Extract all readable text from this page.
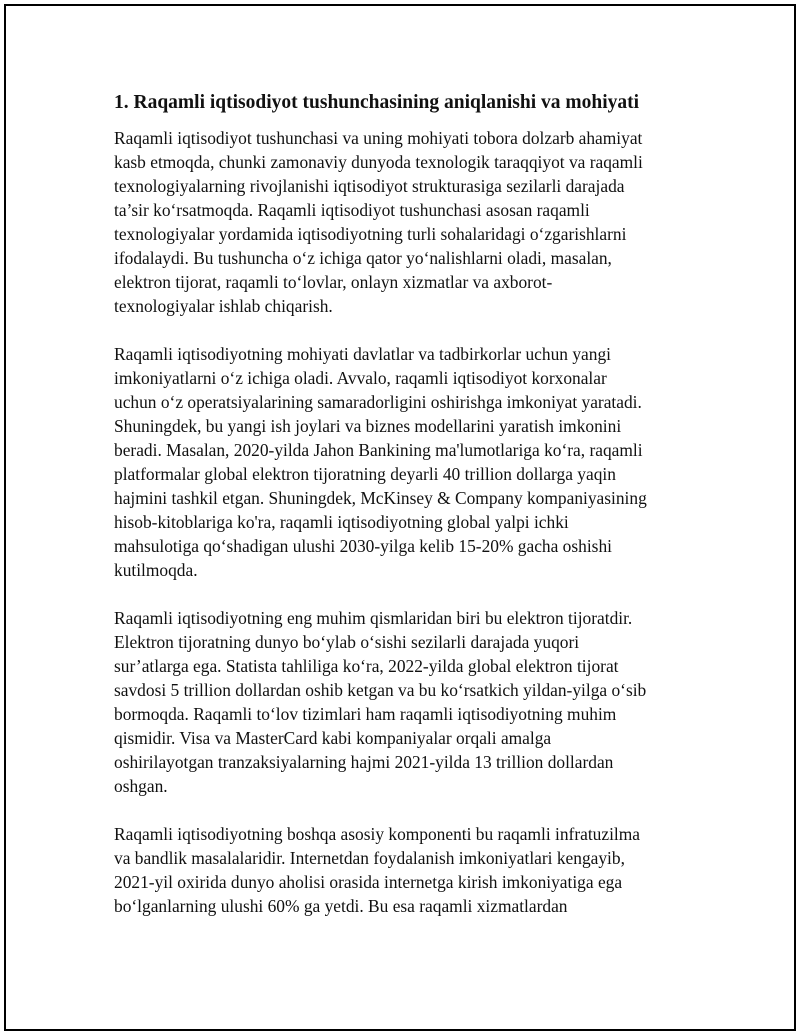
1. Raqamli iqtisodiyot tushunchasining aniqlanishi va mohiyati
Raqamli iqtisodiyot tushunchasi va uning mohiyati tobora dolzarb ahamiyat
kasb etmoqda, chunki zamonaviy dunyoda texnologik taraqqiyot va raqamli
texnologiyalarning rivojlanishi iqtisodiyot strukturasiga sezilarli darajada
ta’sir ko‘rsatmoqda. Raqamli iqtisodiyot tushunchasi asosan raqamli
texnologiyalar yordamida iqtisodiyotning turli sohalaridagi o‘zgarishlarni
ifodalaydi. Bu tushuncha o‘z ichiga qator yo‘nalishlarni oladi, masalan,
elektron tijorat, raqamli to‘lovlar, onlayn xizmatlar va axborot-
texnologiyalar ishlab chiqarish.
Raqamli iqtisodiyotning mohiyati davlatlar va tadbirkorlar uchun yangi
imkoniyatlarni o‘z ichiga oladi. Avvalo, raqamli iqtisodiyot korxonalar
uchun o‘z operatsiyalarining samaradorligini oshirishga imkoniyat yaratadi.
Shuningdek, bu yangi ish joylari va biznes modellarini yaratish imkonini
beradi. Masalan, 2020-yilda Jahon Bankining ma'lumotlariga ko‘ra, raqamli
platformalar global elektron tijoratning deyarli 40 trillion dollarga yaqin
hajmini tashkil etgan. Shuningdek, McKinsey & Company kompaniyasining
hisob-kitoblariga ko'ra, raqamli iqtisodiyotning global yalpi ichki
mahsulotiga qo‘shadigan ulushi 2030-yilga kelib 15-20% gacha oshishi
kutilmoqda.
Raqamli iqtisodiyotning eng muhim qismlaridan biri bu elektron tijoratdir.
Elektron tijoratning dunyo bo‘ylab o‘sishi sezilarli darajada yuqori
sur’atlarga ega. Statista tahliliga ko‘ra, 2022-yilda global elektron tijorat
savdosi 5 trillion dollardan oshib ketgan va bu ko‘rsatkich yildan-yilga o‘sib
bormoqda. Raqamli to‘lov tizimlari ham raqamli iqtisodiyotning muhim
qismidir. Visa va MasterCard kabi kompaniyalar orqali amalga
oshirilayotgan tranzaksiyalarning hajmi 2021-yilda 13 trillion dollardan
oshgan.
Raqamli iqtisodiyotning boshqa asosiy komponenti bu raqamli infratuzilma
va bandlik masalalaridir. Internetdan foydalanish imkoniyatlari kengayib,
2021-yil oxirida dunyo aholisi orasida internetga kirish imkoniyatiga ega
bo‘lganlarning ulushi 60% ga yetdi. Bu esa raqamli xizmatlardan
